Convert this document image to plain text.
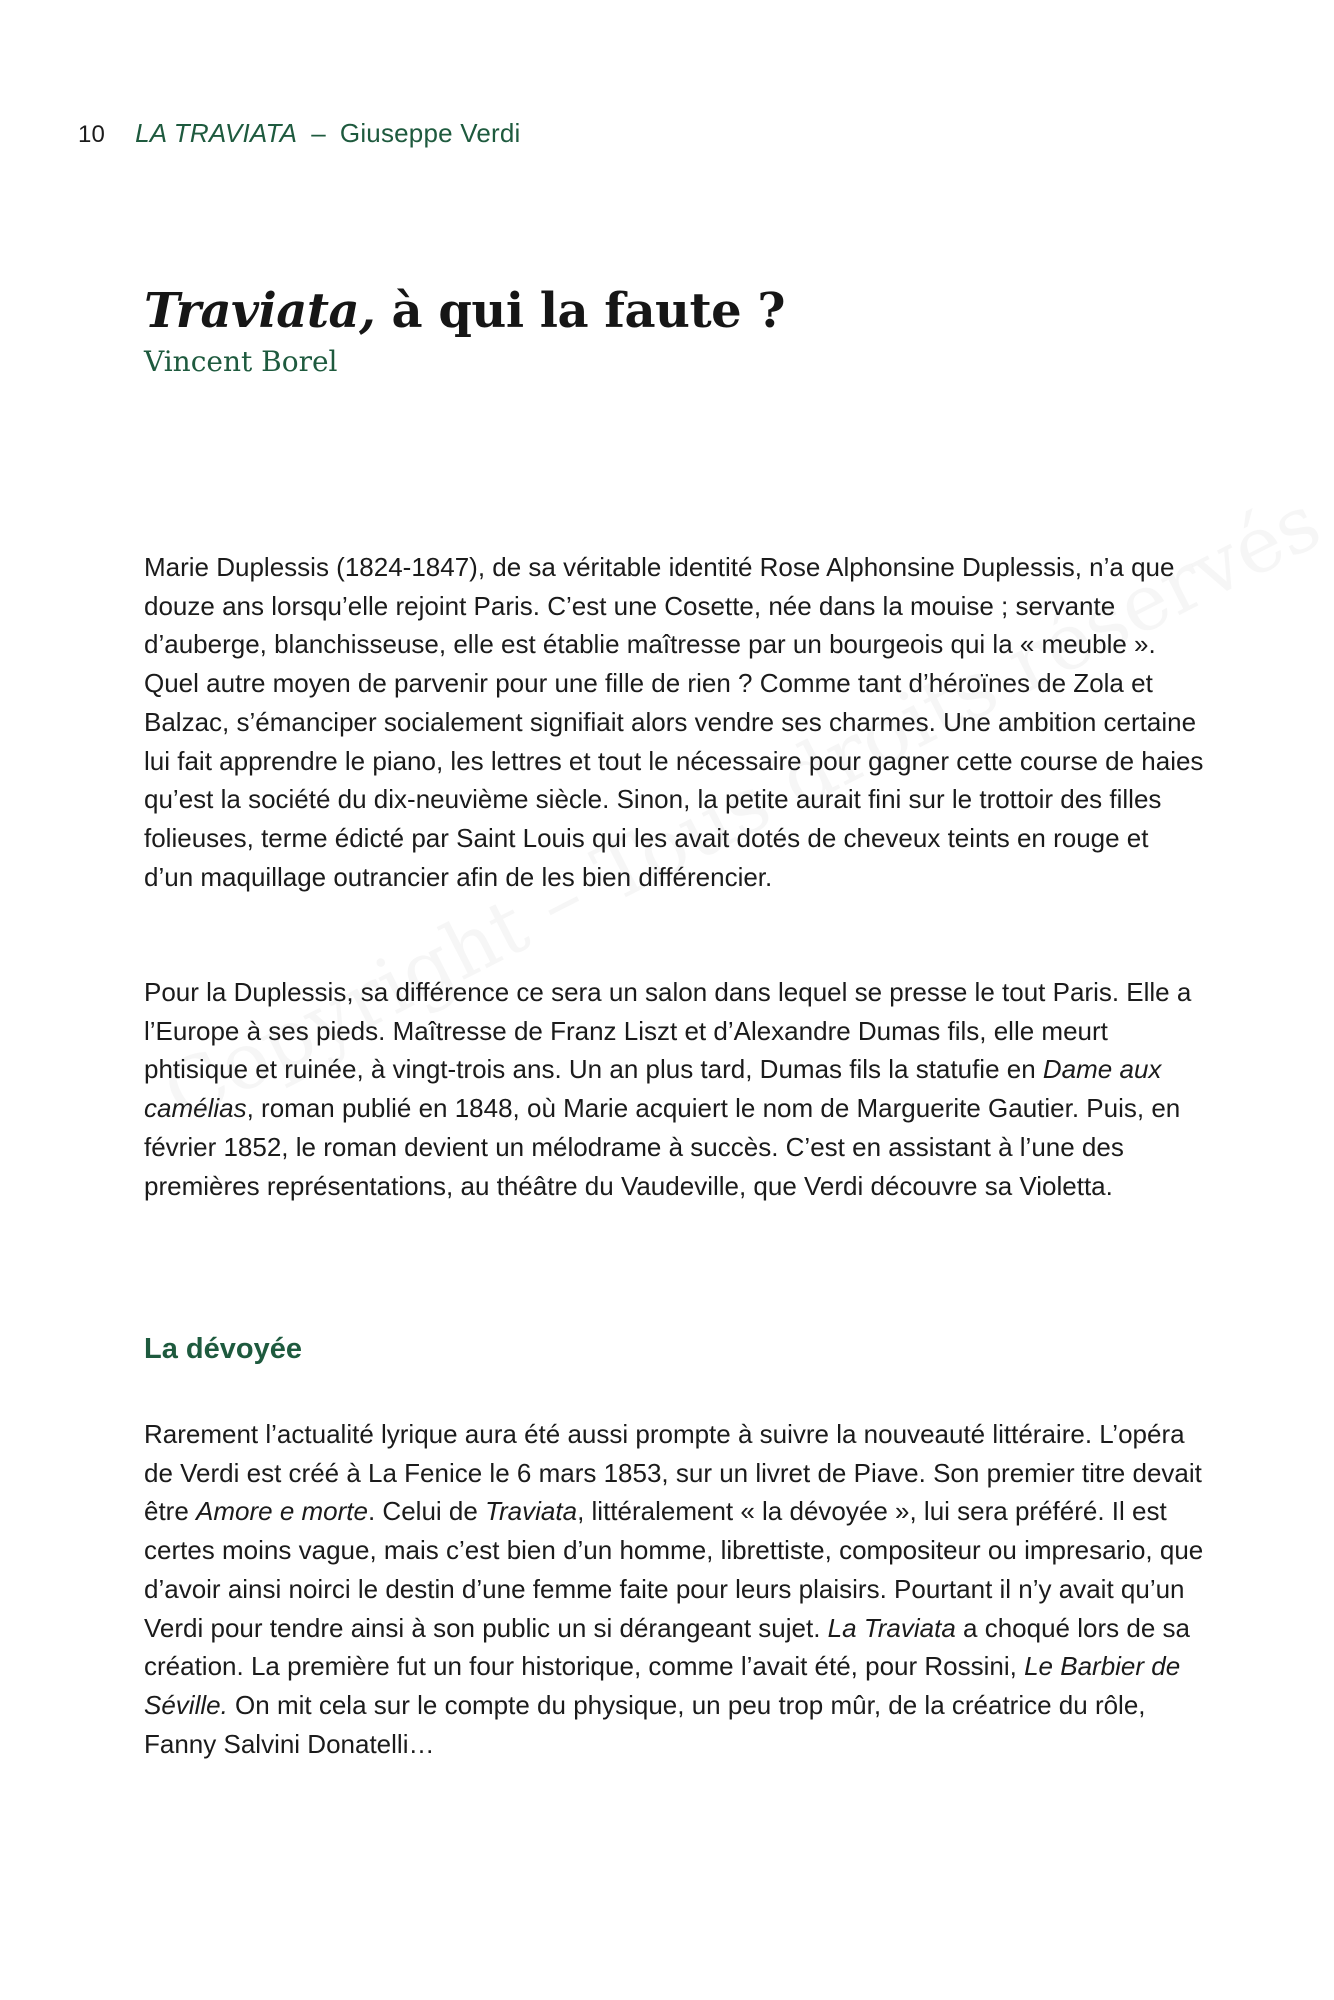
10 LA TRAVIATA – Giuseppe Verdi
Traviata, à qui la faute ?

Vincent Borel

Marie Duplessis (1824-1847), de sa véritable identité Rose Alphonsine Duplessis, n’a que douze ans lorsqu’elle rejoint Paris. C’est une Cosette, née dans la mouise ; servante d’auberge, blanchisseuse, elle est établie maîtresse par un bourgeois qui la « meuble ». Quel autre moyen de parvenir pour une fille de rien ? Comme tant d’héroïnes de Zola et Balzac, s’émanciper socialement signifiait alors vendre ses charmes. Une ambition certaine lui fait apprendre le piano, les lettres et tout le nécessaire pour gagner cette course de haies qu’est la société du dix-neuvième siècle. Sinon, la petite aurait fini sur le trottoir des filles folieuses, terme édicté par Saint Louis qui les avait dotés de cheveux teints en rouge et d’un maquillage outrancier afin de les bien différencier.

Pour la Duplessis, sa différence ce sera un salon dans lequel se presse le tout Paris. Elle a l’Europe à ses pieds. Maîtresse de Franz Liszt et d’Alexandre Dumas fils, elle meurt phtisique et ruinée, à vingt-trois ans. Un an plus tard, Dumas fils la statufie en Dame aux camélias, roman publié en 1848, où Marie acquiert le nom de Marguerite Gautier. Puis, en février 1852, le roman devient un mélodrame à succès. C’est en assistant à l’une des premières représentations, au théâtre du Vaudeville, que Verdi découvre sa Violetta.

La dévoyée

Rarement l’actualité lyrique aura été aussi prompte à suivre la nouveauté littéraire. L’opéra de Verdi est créé à La Fenice le 6 mars 1853, sur un livret de Piave. Son premier titre devait être Amore e morte. Celui de Traviata, littéralement « la dévoyée », lui sera préféré. Il est certes moins vague, mais c’est bien d’un homme, librettiste, compositeur ou impresario, que d’avoir ainsi noirci le destin d’une femme faite pour leurs plaisirs. Pourtant il n’y avait qu’un Verdi pour tendre ainsi à son public un si dérangeant sujet. La Traviata a choqué lors de sa création. La première fut un four historique, comme l’avait été, pour Rossini, Le Barbier de Séville. On mit cela sur le compte du physique, un peu trop mûr, de la créatrice du rôle, Fanny Salvini Donatelli…
